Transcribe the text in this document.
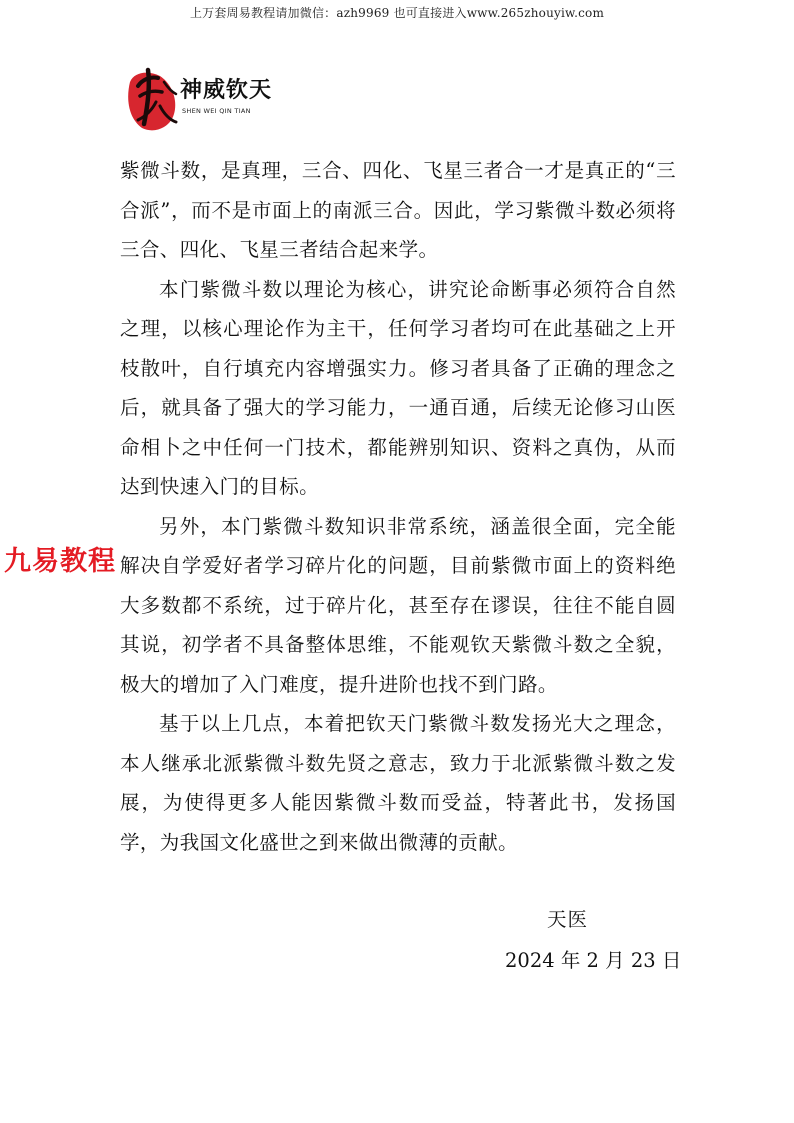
上万套周易教程请加微信：azh9969 也可直接进入www.265zhouyiw.com
神威钦天
SHEN WEI QIN TIAN

紫微斗数，是真理，三合、四化、飞星三者合一才是真正的“三合派”，而不是市面上的南派三合。因此，学习紫微斗数必须将三合、四化、飞星三者结合起来学。

本门紫微斗数以理论为核心，讲究论命断事必须符合自然之理，以核心理论作为主干，任何学习者均可在此基础之上开枝散叶，自行填充内容增强实力。修习者具备了正确的理念之后，就具备了强大的学习能力，一通百通，后续无论修习山医命相卜之中任何一门技术，都能辨别知识、资料之真伪，从而达到快速入门的目标。

另外，本门紫微斗数知识非常系统，涵盖很全面，完全能解决自学爱好者学习碎片化的问题，目前紫微市面上的资料绝大多数都不系统，过于碎片化，甚至存在谬误，往往不能自圆其说，初学者不具备整体思维，不能观钦天紫微斗数之全貌，极大的增加了入门难度，提升进阶也找不到门路。

基于以上几点，本着把钦天门紫微斗数发扬光大之理念，本人继承北派紫微斗数先贤之意志，致力于北派紫微斗数之发展，为使得更多人能因紫微斗数而受益，特著此书，发扬国学，为我国文化盛世之到来做出微薄的贡献。

九易教程
天医
2024 年 2 月 23 日
